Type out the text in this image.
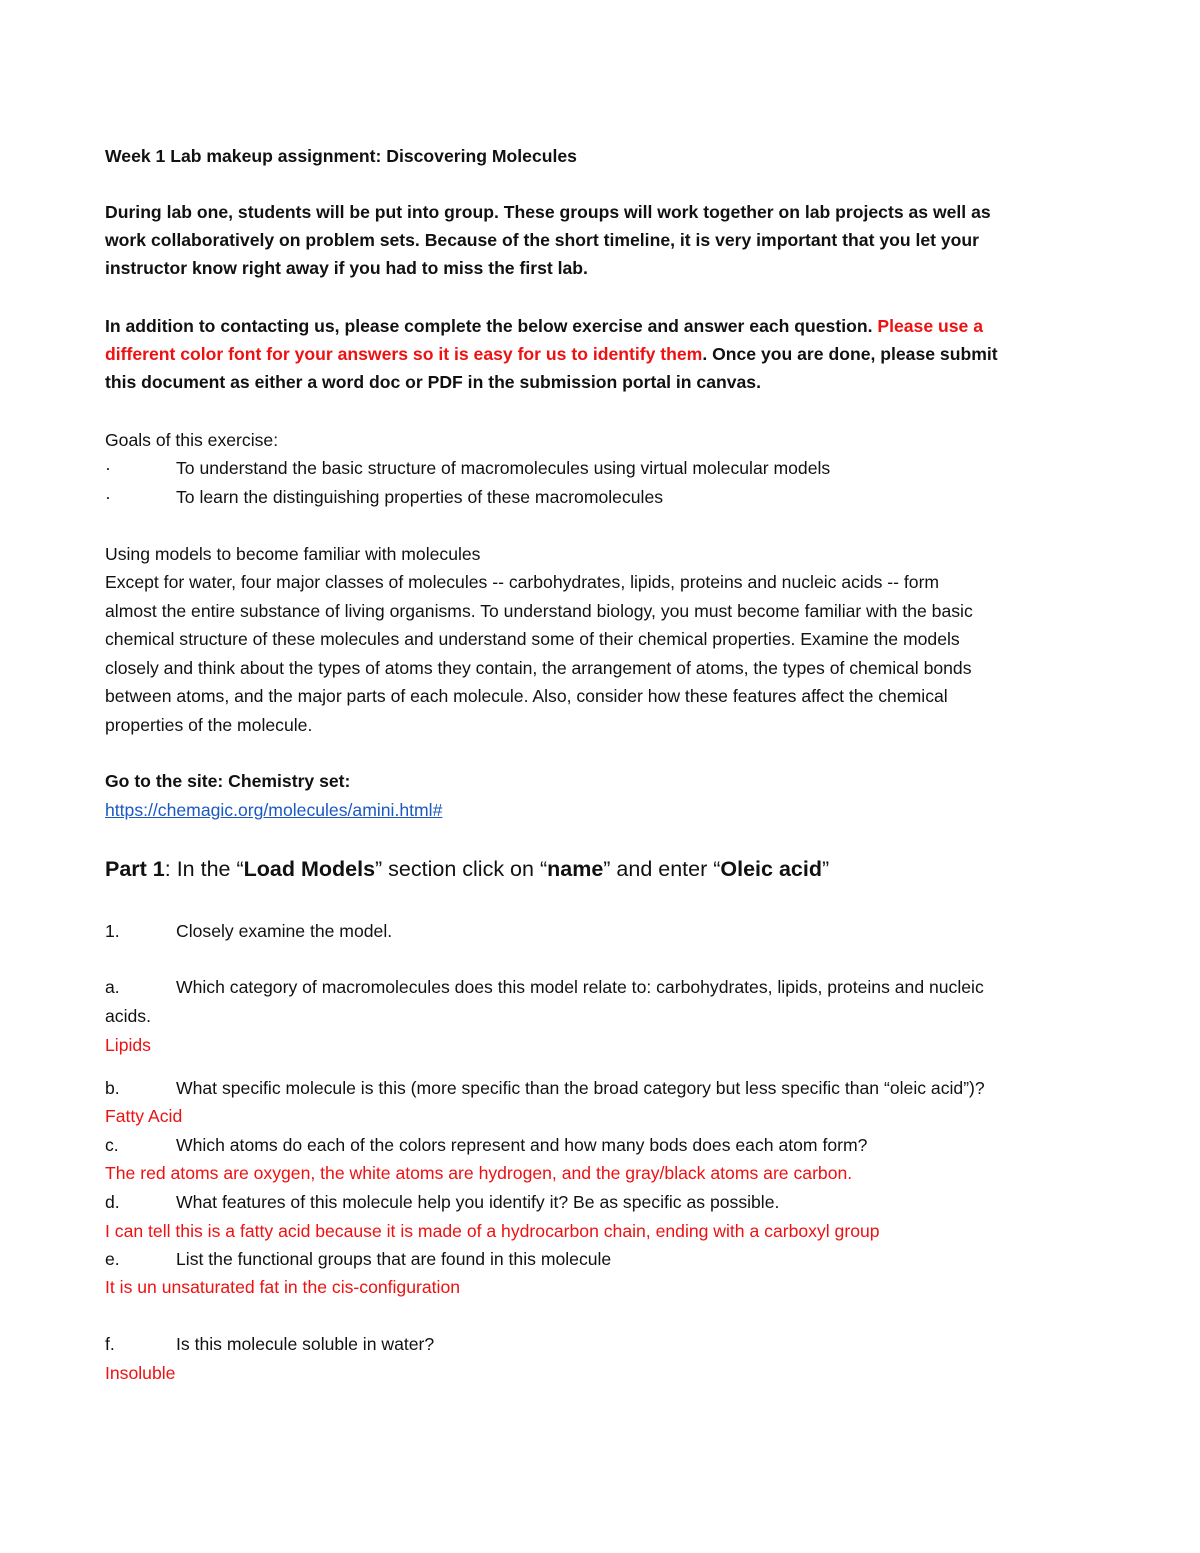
Week 1 Lab makeup assignment: Discovering Molecules
During lab one, students will be put into group. These groups will work together on lab projects as well as
work collaboratively on problem sets. Because of the short timeline, it is very important that you let your
instructor know right away if you had to miss the first lab.
In addition to contacting us, please complete the below exercise and answer each question. Please use a
different color font for your answers so it is easy for us to identify them. Once you are done, please submit
this document as either a word doc or PDF in the submission portal in canvas.
Goals of this exercise:
·	To understand the basic structure of macromolecules using virtual molecular models
·	To learn the distinguishing properties of these macromolecules
Using models to become familiar with molecules
Except for water, four major classes of molecules -- carbohydrates, lipids, proteins and nucleic acids -- form
almost the entire substance of living organisms. To understand biology, you must become familiar with the basic
chemical structure of these molecules and understand some of their chemical properties. Examine the models
closely and think about the types of atoms they contain, the arrangement of atoms, the types of chemical bonds
between atoms, and the major parts of each molecule. Also, consider how these features affect the chemical
properties of the molecule.
Go to the site: Chemistry set:
https://chemagic.org/molecules/amini.html#
Part 1: In the “Load Models” section click on “name” and enter “Oleic acid”
1.	Closely examine the model.
a.	Which category of macromolecules does this model relate to: carbohydrates, lipids, proteins and nucleic
acids.
Lipids
b.	What specific molecule is this (more specific than the broad category but less specific than “oleic acid”)?
Fatty Acid
c.	Which atoms do each of the colors represent and how many bods does each atom form?
The red atoms are oxygen, the white atoms are hydrogen, and the gray/black atoms are carbon.
d.	What features of this molecule help you identify it? Be as specific as possible.
I can tell this is a fatty acid because it is made of a hydrocarbon chain, ending with a carboxyl group
e.	List the functional groups that are found in this molecule
It is un unsaturated fat in the cis-configuration
f.	Is this molecule soluble in water?
Insoluble
